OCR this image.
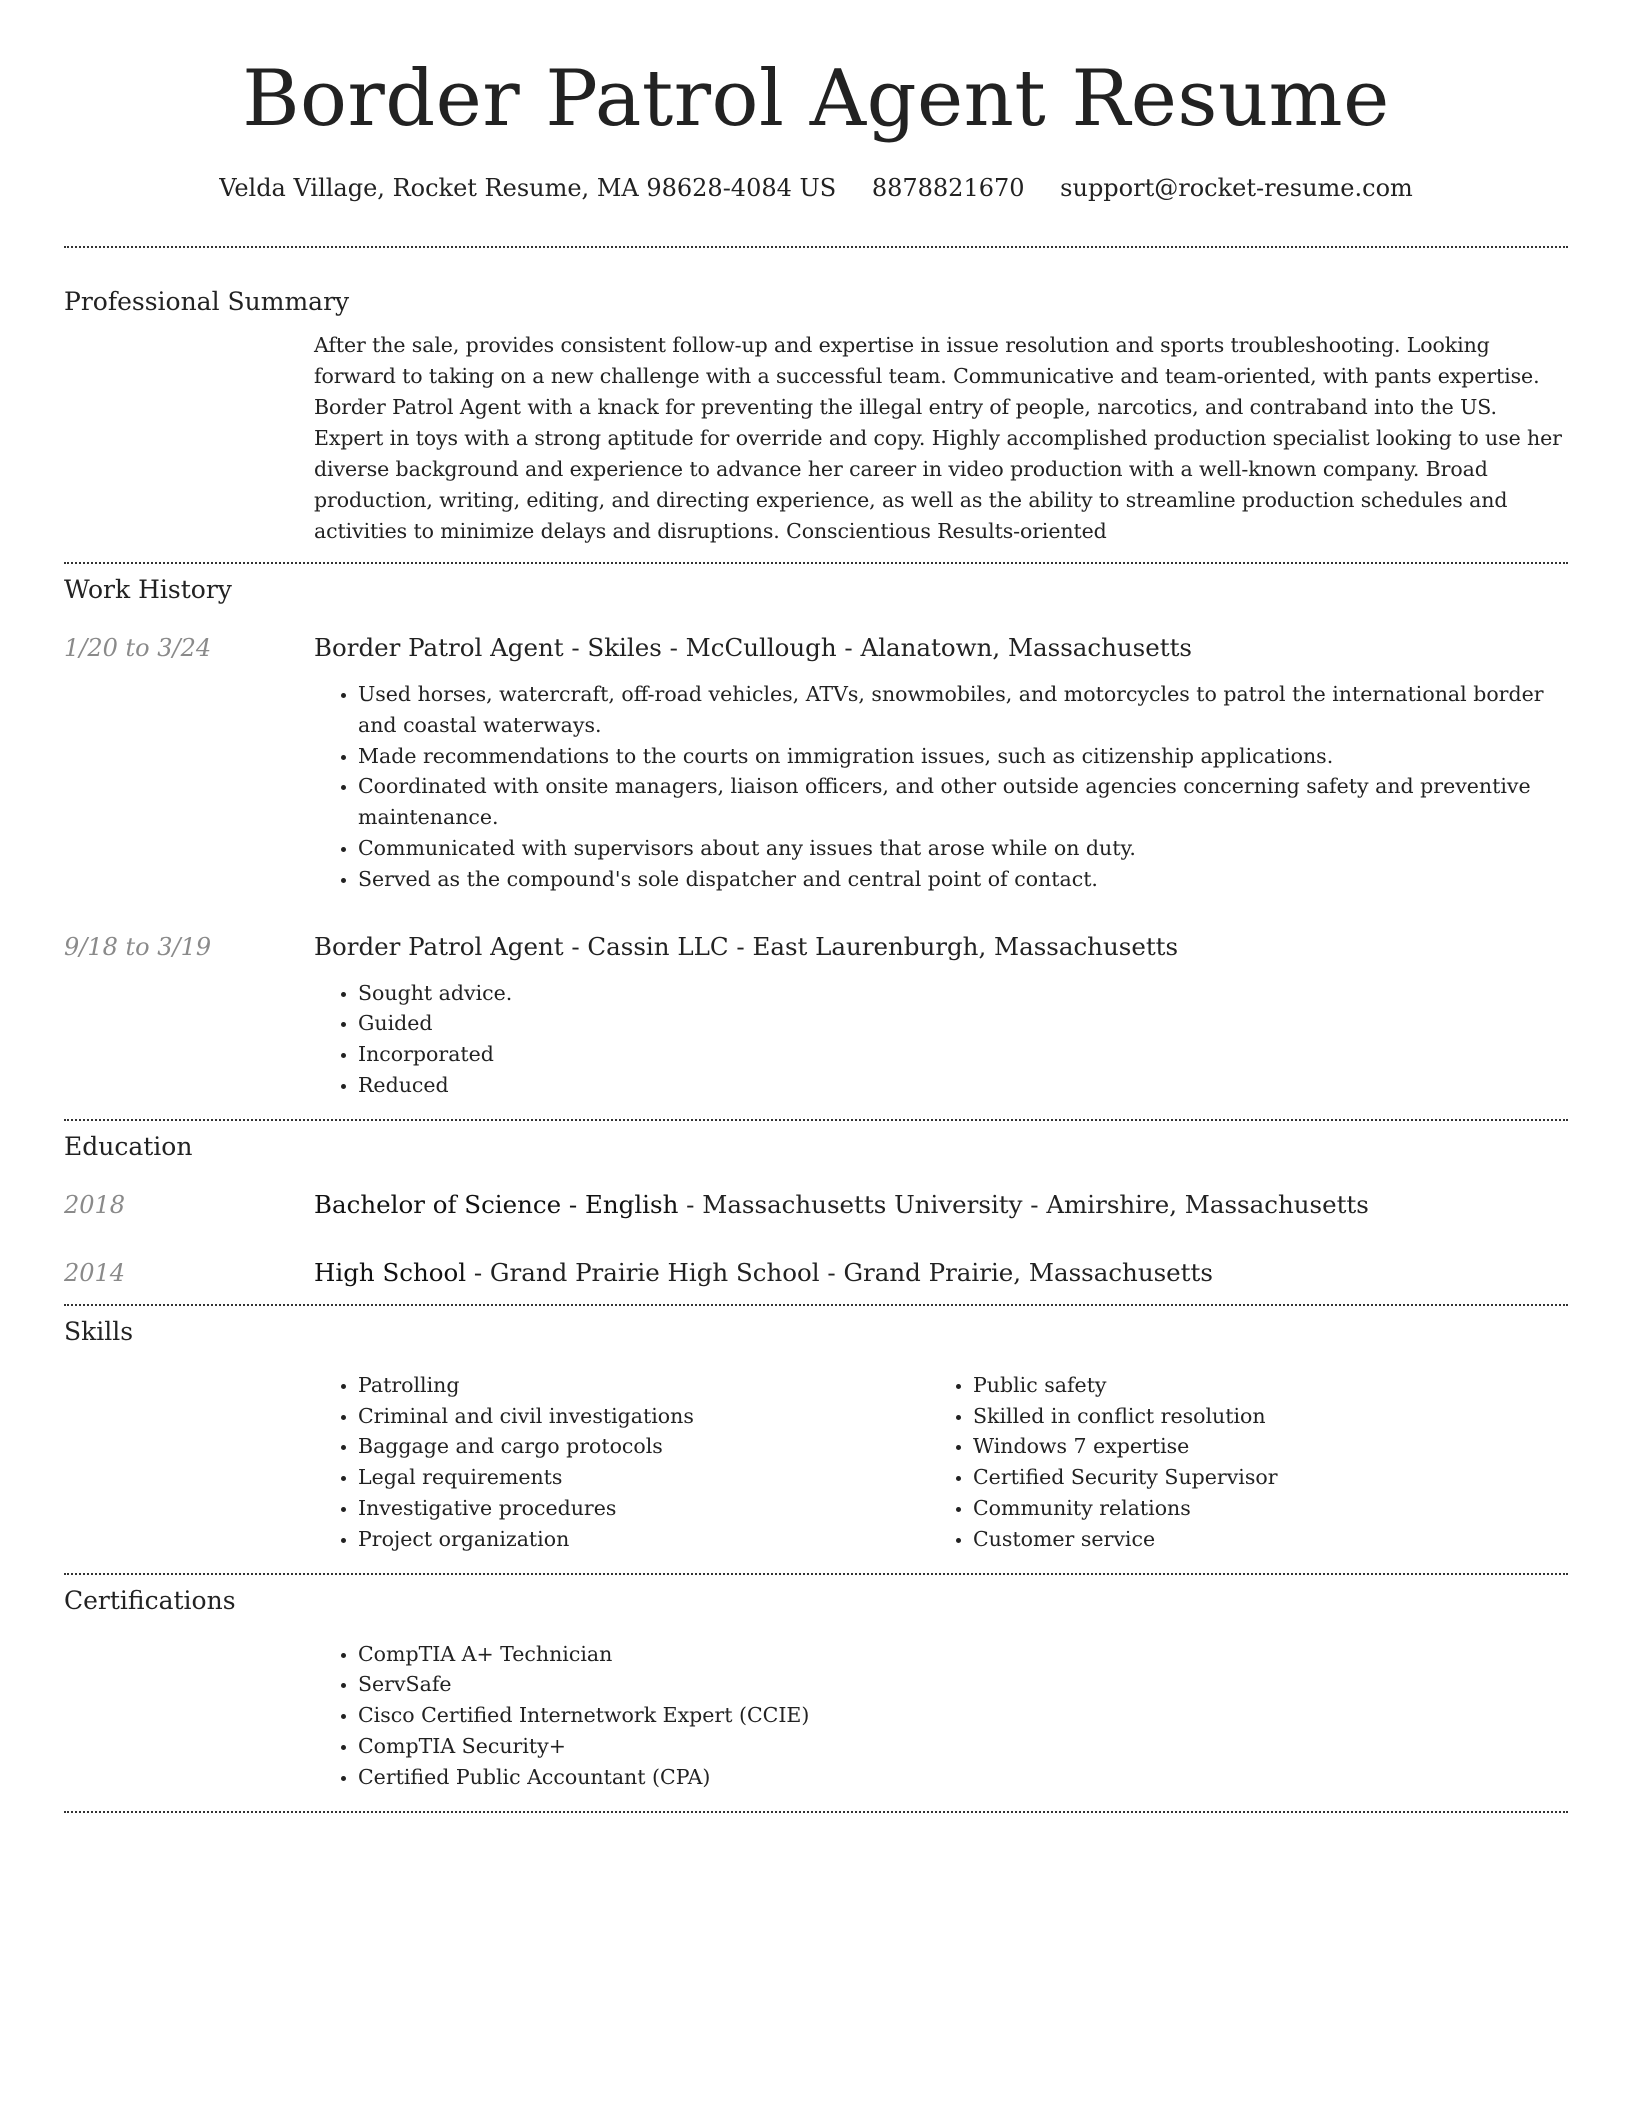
Border Patrol Agent Resume
Velda Village, Rocket Resume, MA 98628-4084 US 8878821670 support@rocket-resume.com
Professional Summary

After the sale, provides consistent follow-up and expertise in issue resolution and sports troubleshooting. Looking forward to taking on a new challenge with a successful team. Communicative and team-oriented, with pants expertise. Border Patrol Agent with a knack for preventing the illegal entry of people, narcotics, and contraband into the US. Expert in toys with a strong aptitude for override and copy. Highly accomplished production specialist looking to use her diverse background and experience to advance her career in video production with a well-known company. Broad production, writing, editing, and directing experience, as well as the ability to streamline production schedules and activities to minimize delays and disruptions. Conscientious Results-oriented

Work History
1/20 to 3/24	Border Patrol Agent - Skiles - McCullough - Alanatown, Massachusetts
• Used horses, watercraft, off-road vehicles, ATVs, snowmobiles, and motorcycles to patrol the international border and coastal waterways.
• Made recommendations to the courts on immigration issues, such as citizenship applications.
• Coordinated with onsite managers, liaison officers, and other outside agencies concerning safety and preventive maintenance.
• Communicated with supervisors about any issues that arose while on duty.
• Served as the compound's sole dispatcher and central point of contact.
9/18 to 3/19	Border Patrol Agent - Cassin LLC - East Laurenburgh, Massachusetts
• Sought advice.
• Guided
• Incorporated
• Reduced
Education
2018	Bachelor of Science - English - Massachusetts University - Amirshire, Massachusetts
2014	High School - Grand Prairie High School - Grand Prairie, Massachusetts
Skills
• Patrolling
• Criminal and civil investigations
• Baggage and cargo protocols
• Legal requirements
• Investigative procedures
• Project organization
• Public safety
• Skilled in conflict resolution
• Windows 7 expertise
• Certified Security Supervisor
• Community relations
• Customer service
Certifications
• CompTIA A+ Technician
• ServSafe
• Cisco Certified Internetwork Expert (CCIE)
• CompTIA Security+
• Certified Public Accountant (CPA)
